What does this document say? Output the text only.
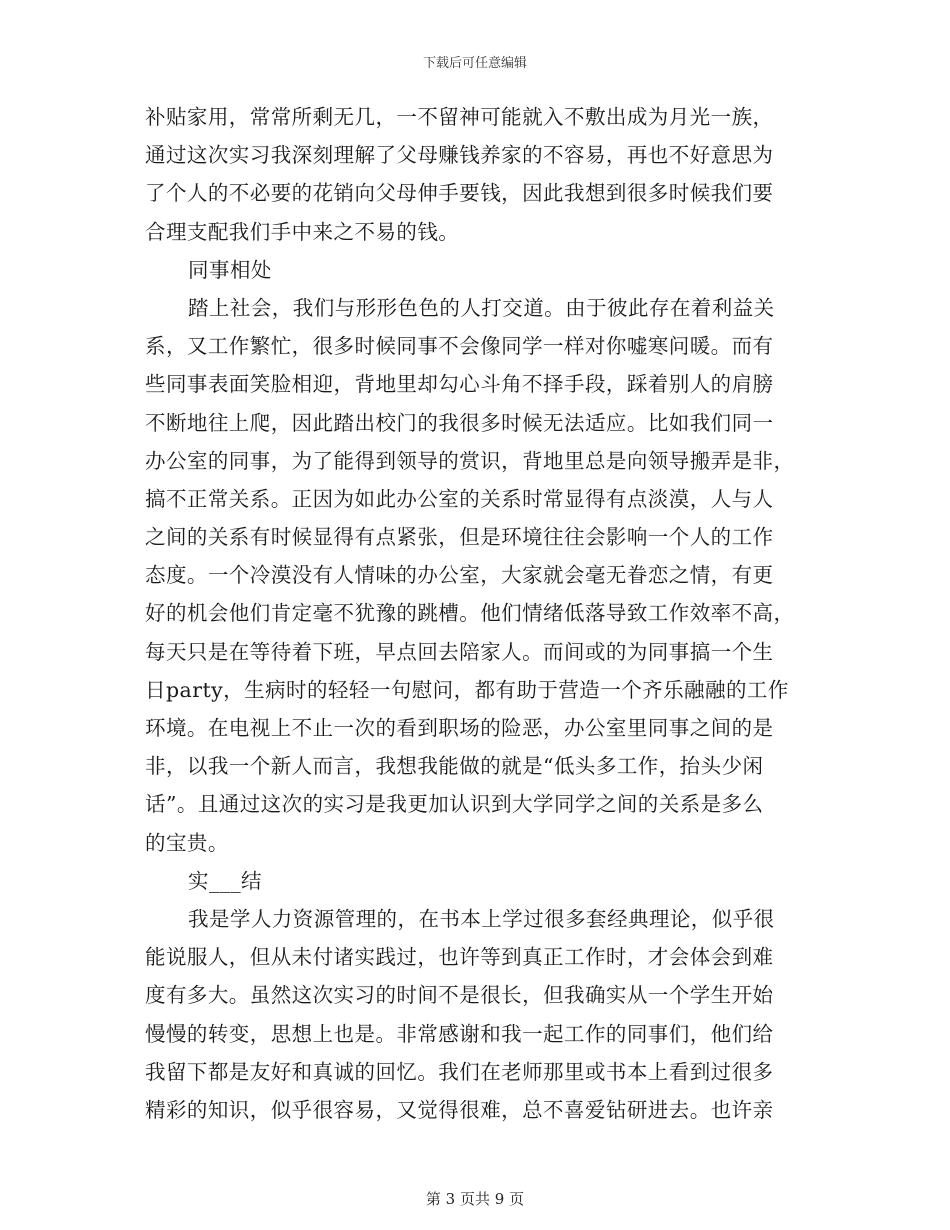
下载后可任意编辑
补贴家用，常常所剩无几，一不留神可能就入不敷出成为月光一族，
通过这次实习我深刻理解了父母赚钱养家的不容易，再也不好意思为
了个人的不必要的花销向父母伸手要钱，因此我想到很多时候我们要
合理支配我们手中来之不易的钱。
同事相处
踏上社会，我们与形形色色的人打交道。由于彼此存在着利益关
系，又工作繁忙，很多时候同事不会像同学一样对你嘘寒问暖。而有
些同事表面笑脸相迎，背地里却勾心斗角不择手段，踩着别人的肩膀
不断地往上爬，因此踏出校门的我很多时候无法适应。比如我们同一
办公室的同事，为了能得到领导的赏识，背地里总是向领导搬弄是非，
搞不正常关系。正因为如此办公室的关系时常显得有点淡漠，人与人
之间的关系有时候显得有点紧张，但是环境往往会影响一个人的工作
态度。一个冷漠没有人情味的办公室，大家就会毫无眷恋之情，有更
好的机会他们肯定毫不犹豫的跳槽。他们情绪低落导致工作效率不高，
每天只是在等待着下班，早点回去陪家人。而间或的为同事搞一个生
日party，生病时的轻轻一句慰问，都有助于营造一个齐乐融融的工作
环境。在电视上不止一次的看到职场的险恶，办公室里同事之间的是
非，以我一个新人而言，我想我能做的就是“低头多工作，抬头少闲
话”。且通过这次的实习是我更加认识到大学同学之间的关系是多么
的宝贵。
实___结
我是学人力资源管理的，在书本上学过很多套经典理论，似乎很
能说服人，但从未付诸实践过，也许等到真正工作时，才会体会到难
度有多大。虽然这次实习的时间不是很长，但我确实从一个学生开始
慢慢的转变，思想上也是。非常感谢和我一起工作的同事们，他们给
我留下都是友好和真诚的回忆。我们在老师那里或书本上看到过很多
精彩的知识，似乎很容易，又觉得很难，总不喜爱钻研进去。也许亲
第 3 页共 9 页
